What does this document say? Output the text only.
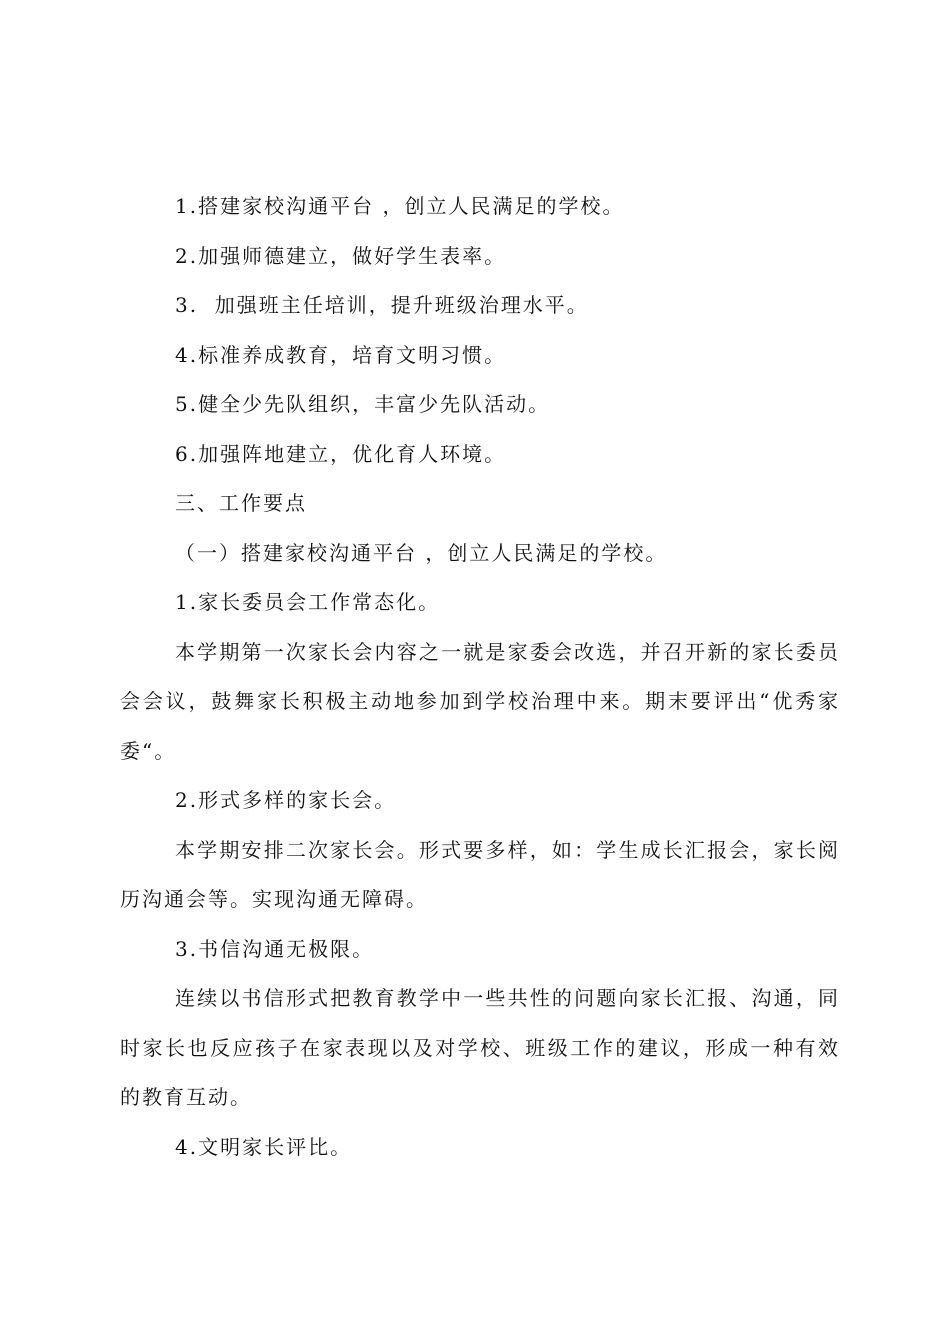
1.搭建家校沟通平台 ，创立人民满足的学校。

2.加强师德建立，做好学生表率。

3.  加强班主任培训，提升班级治理水平。

4.标准养成教育，培育文明习惯。

5.健全少先队组织，丰富少先队活动。

6.加强阵地建立，优化育人环境。

三、工作要点

（一）搭建家校沟通平台 ，创立人民满足的学校。

1.家长委员会工作常态化。

本学期第一次家长会内容之一就是家委会改选，并召开新的家长委员会会议，鼓舞家长积极主动地参加到学校治理中来。期末要评出“优秀家委“。

2.形式多样的家长会。

本学期安排二次家长会。形式要多样，如：学生成长汇报会，家长阅历沟通会等。实现沟通无障碍。

3.书信沟通无极限。

连续以书信形式把教育教学中一些共性的问题向家长汇报、沟通，同时家长也反应孩子在家表现以及对学校、班级工作的建议，形成一种有效的教育互动。

4.文明家长评比。
